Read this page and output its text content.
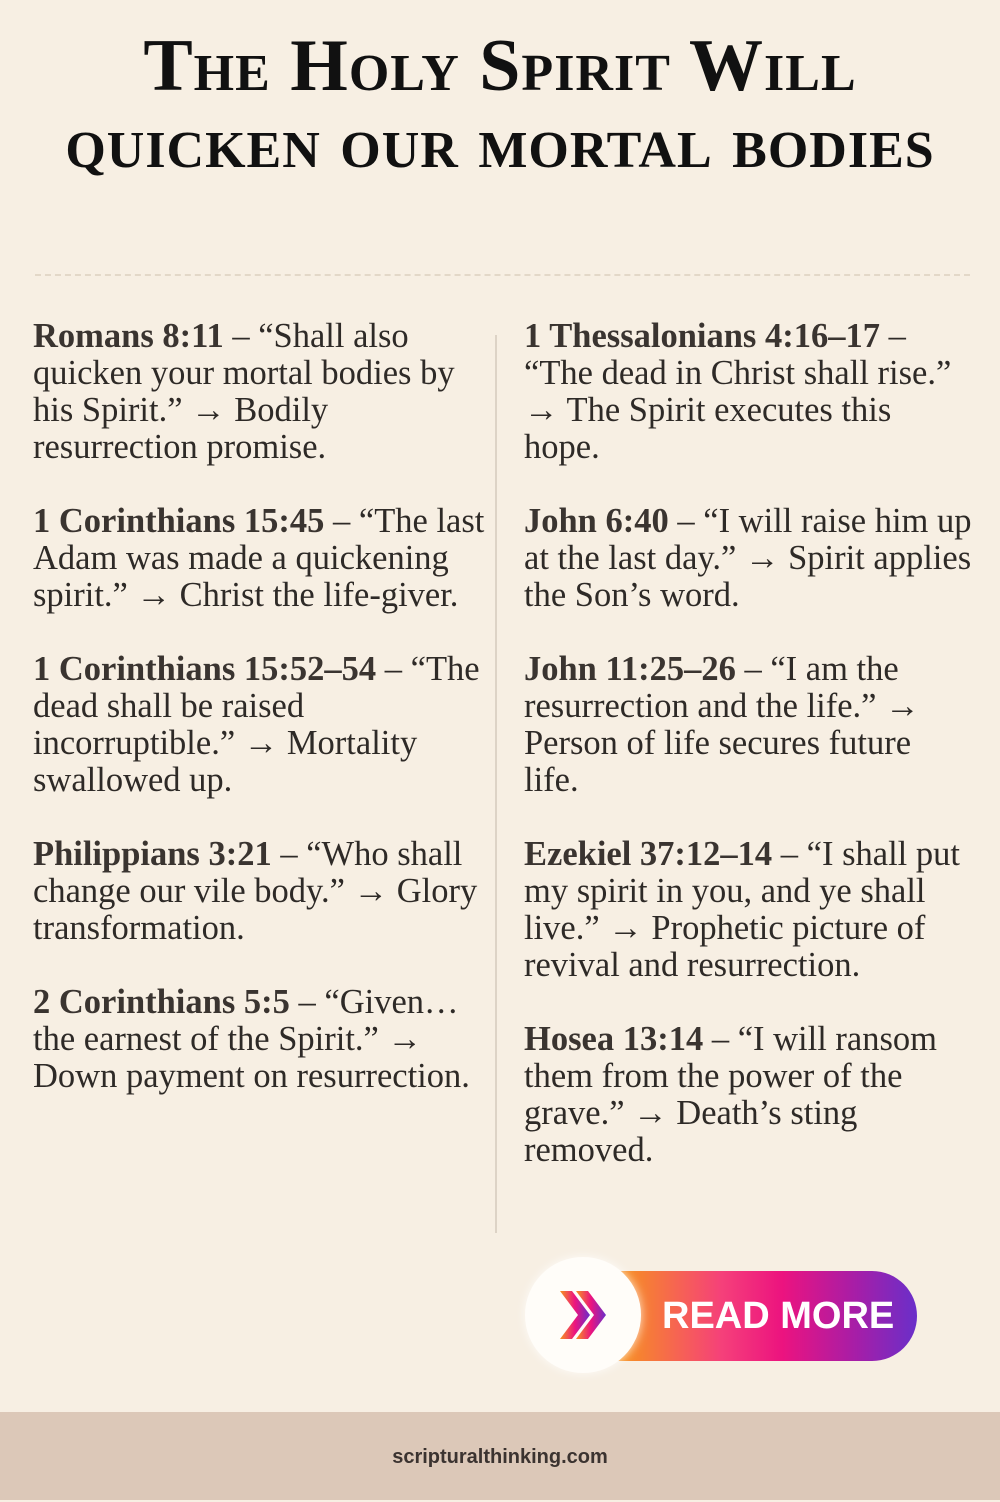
The Holy Spirit Will quicken our mortal bodies

Romans 8:11 – “Shall also quicken your mortal bodies by his Spirit.” → Bodily resurrection promise.

1 Corinthians 15:45 – “The last Adam was made a quickening spirit.” → Christ the life-giver.

1 Corinthians 15:52–54 – “The dead shall be raised incorruptible.” → Mortality swallowed up.

Philippians 3:21 – “Who shall change our vile body.” → Glory transformation.

2 Corinthians 5:5 – “Given… the earnest of the Spirit.” → Down payment on resurrection.

1 Thessalonians 4:16–17 – “The dead in Christ shall rise.” → The Spirit executes this hope.

John 6:40 – “I will raise him up at the last day.” → Spirit applies the Son’s word.

John 11:25–26 – “I am the resurrection and the life.” → Person of life secures future life.

Ezekiel 37:12–14 – “I shall put my spirit in you, and ye shall live.” → Prophetic picture of revival and resurrection.

Hosea 13:14 – “I will ransom them from the power of the grave.” → Death’s sting removed.

READ MORE
scripturalthinking.com
